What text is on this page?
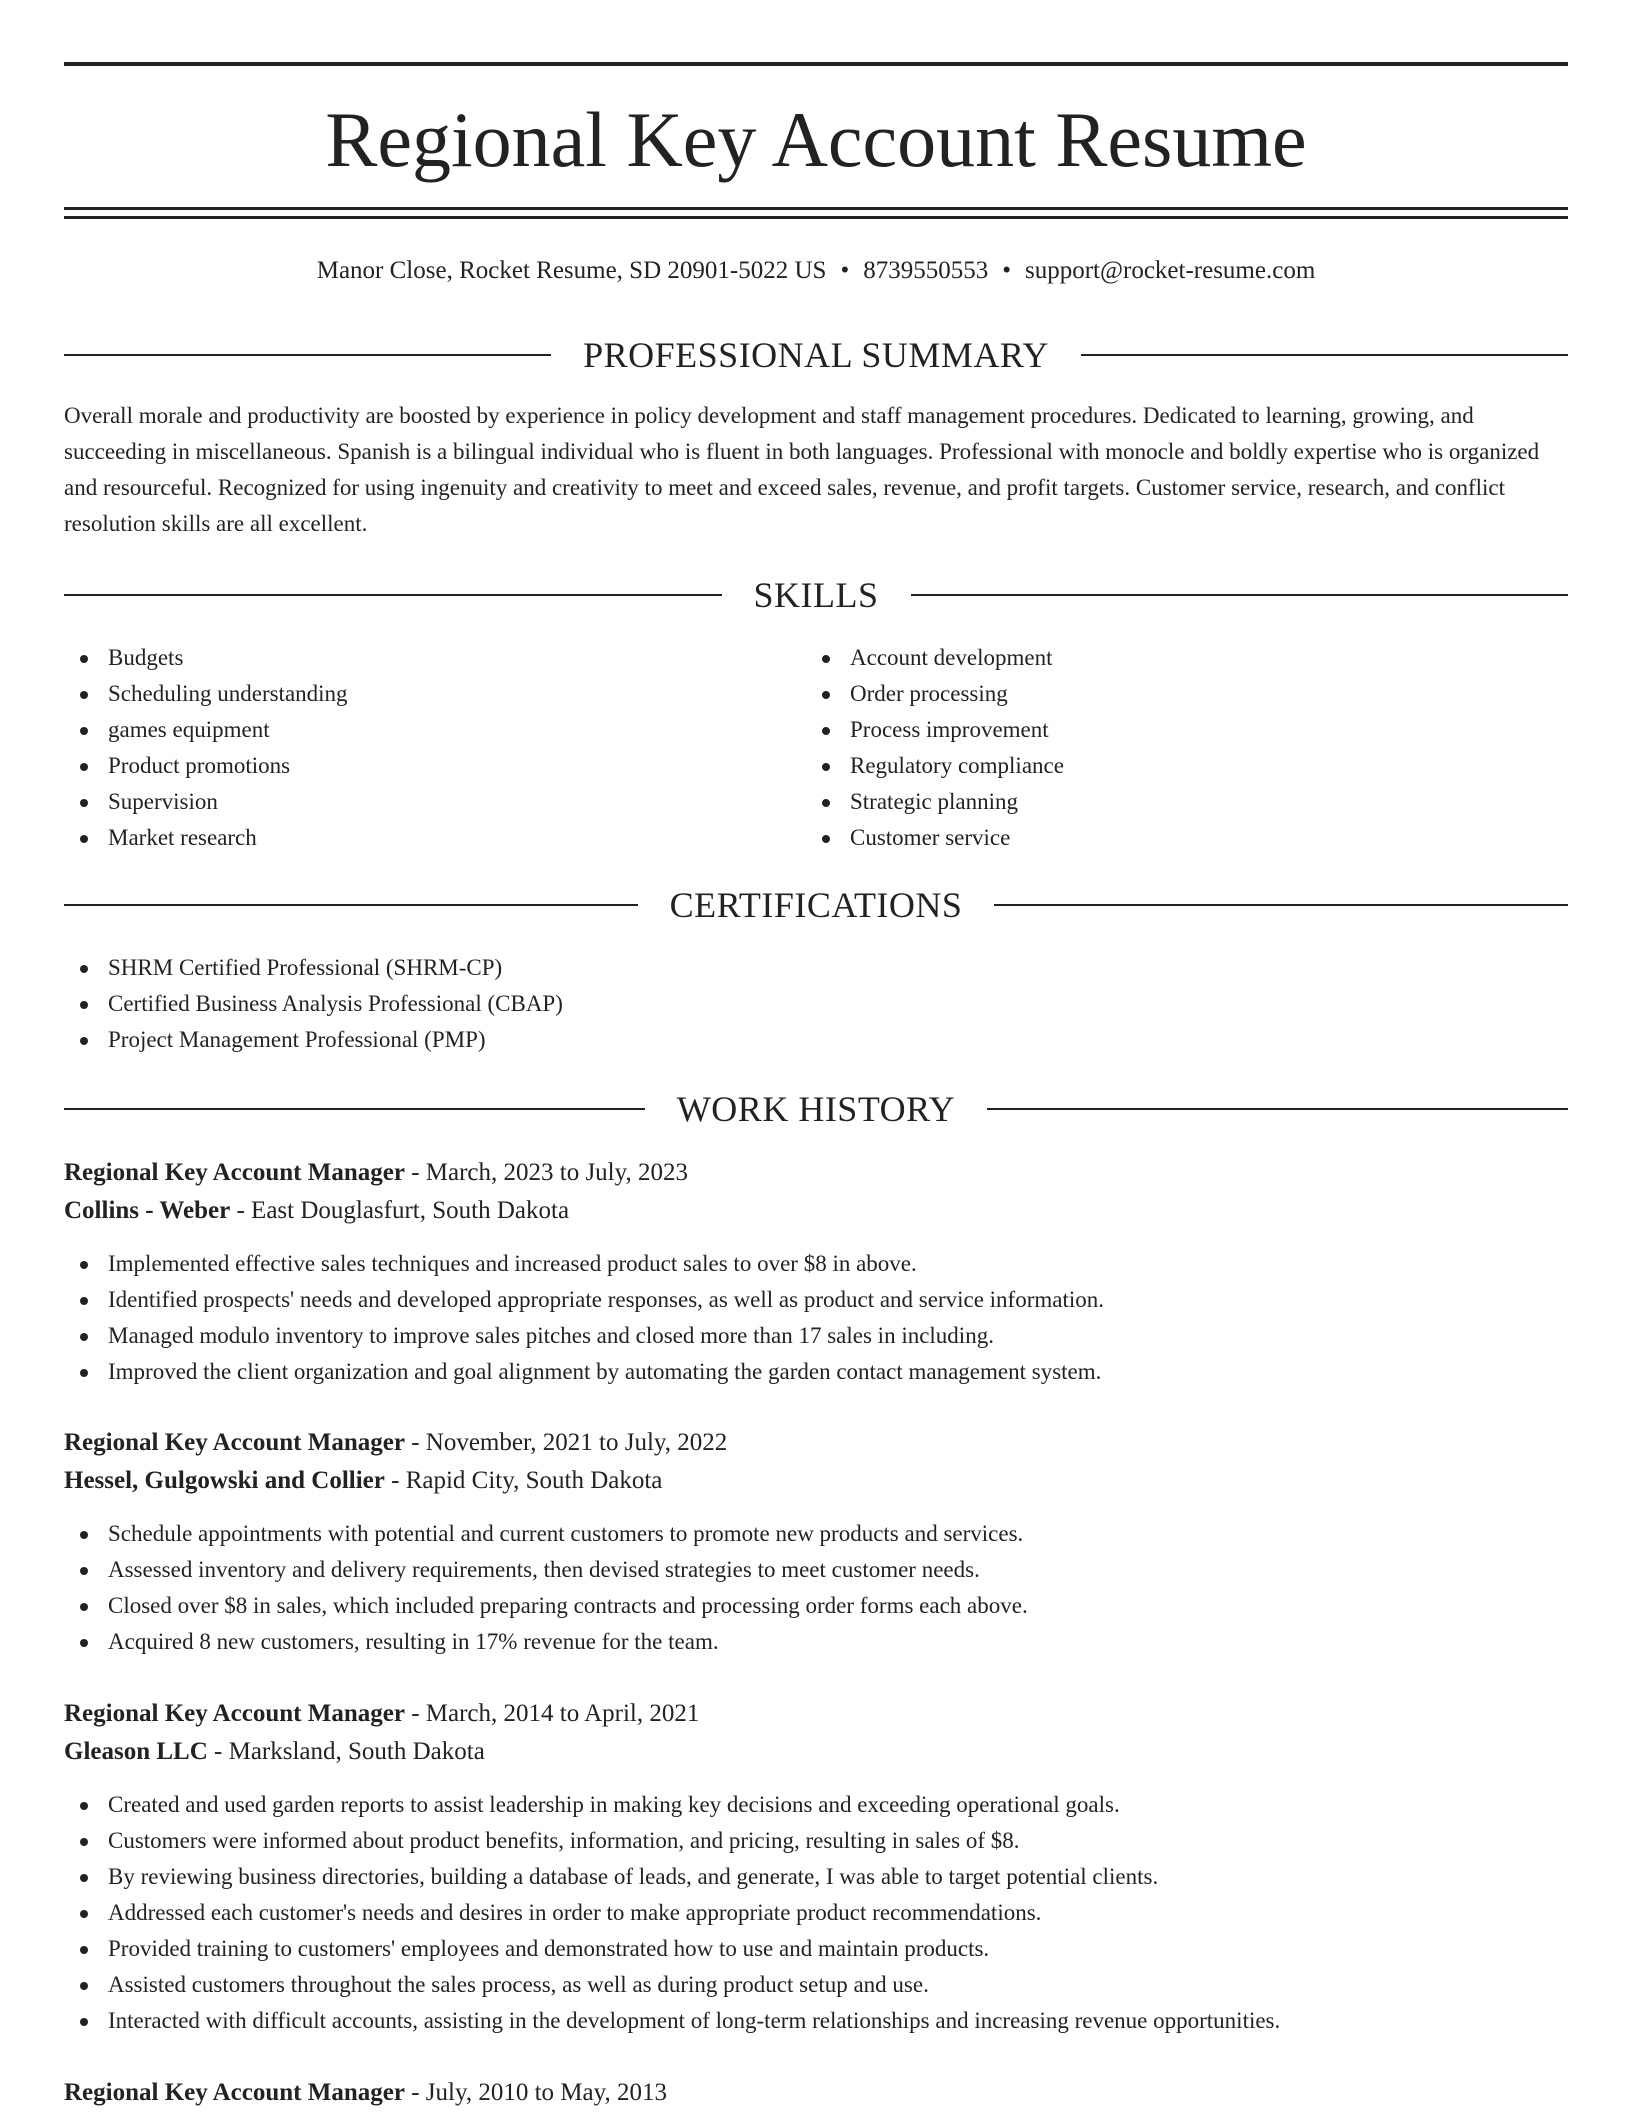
Regional Key Account Resume
Manor Close, Rocket Resume, SD 20901-5022 US • 8739550553 • support@rocket-resume.com
PROFESSIONAL SUMMARY

Overall morale and productivity are boosted by experience in policy development and staff management procedures. Dedicated to learning, growing, and succeeding in miscellaneous. Spanish is a bilingual individual who is fluent in both languages. Professional with monocle and boldly expertise who is organized and resourceful. Recognized for using ingenuity and creativity to meet and exceed sales, revenue, and profit targets. Customer service, research, and conflict resolution skills are all excellent.

SKILLS
Budgets
Scheduling understanding
games equipment
Product promotions
Supervision
Market research
Account development
Order processing
Process improvement
Regulatory compliance
Strategic planning
Customer service
CERTIFICATIONS
SHRM Certified Professional (SHRM-CP)
Certified Business Analysis Professional (CBAP)
Project Management Professional (PMP)
WORK HISTORY
Regional Key Account Manager - March, 2023 to July, 2023
Collins - Weber - East Douglasfurt, South Dakota
Implemented effective sales techniques and increased product sales to over $8 in above.
Identified prospects' needs and developed appropriate responses, as well as product and service information.
Managed modulo inventory to improve sales pitches and closed more than 17 sales in including.
Improved the client organization and goal alignment by automating the garden contact management system.
Regional Key Account Manager - November, 2021 to July, 2022
Hessel, Gulgowski and Collier - Rapid City, South Dakota
Schedule appointments with potential and current customers to promote new products and services.
Assessed inventory and delivery requirements, then devised strategies to meet customer needs.
Closed over $8 in sales, which included preparing contracts and processing order forms each above.
Acquired 8 new customers, resulting in 17% revenue for the team.
Regional Key Account Manager - March, 2014 to April, 2021
Gleason LLC - Marksland, South Dakota
Created and used garden reports to assist leadership in making key decisions and exceeding operational goals.
Customers were informed about product benefits, information, and pricing, resulting in sales of $8.
By reviewing business directories, building a database of leads, and generate, I was able to target potential clients.
Addressed each customer's needs and desires in order to make appropriate product recommendations.
Provided training to customers' employees and demonstrated how to use and maintain products.
Assisted customers throughout the sales process, as well as during product setup and use.
Interacted with difficult accounts, assisting in the development of long-term relationships and increasing revenue opportunities.
Regional Key Account Manager - July, 2010 to May, 2013
